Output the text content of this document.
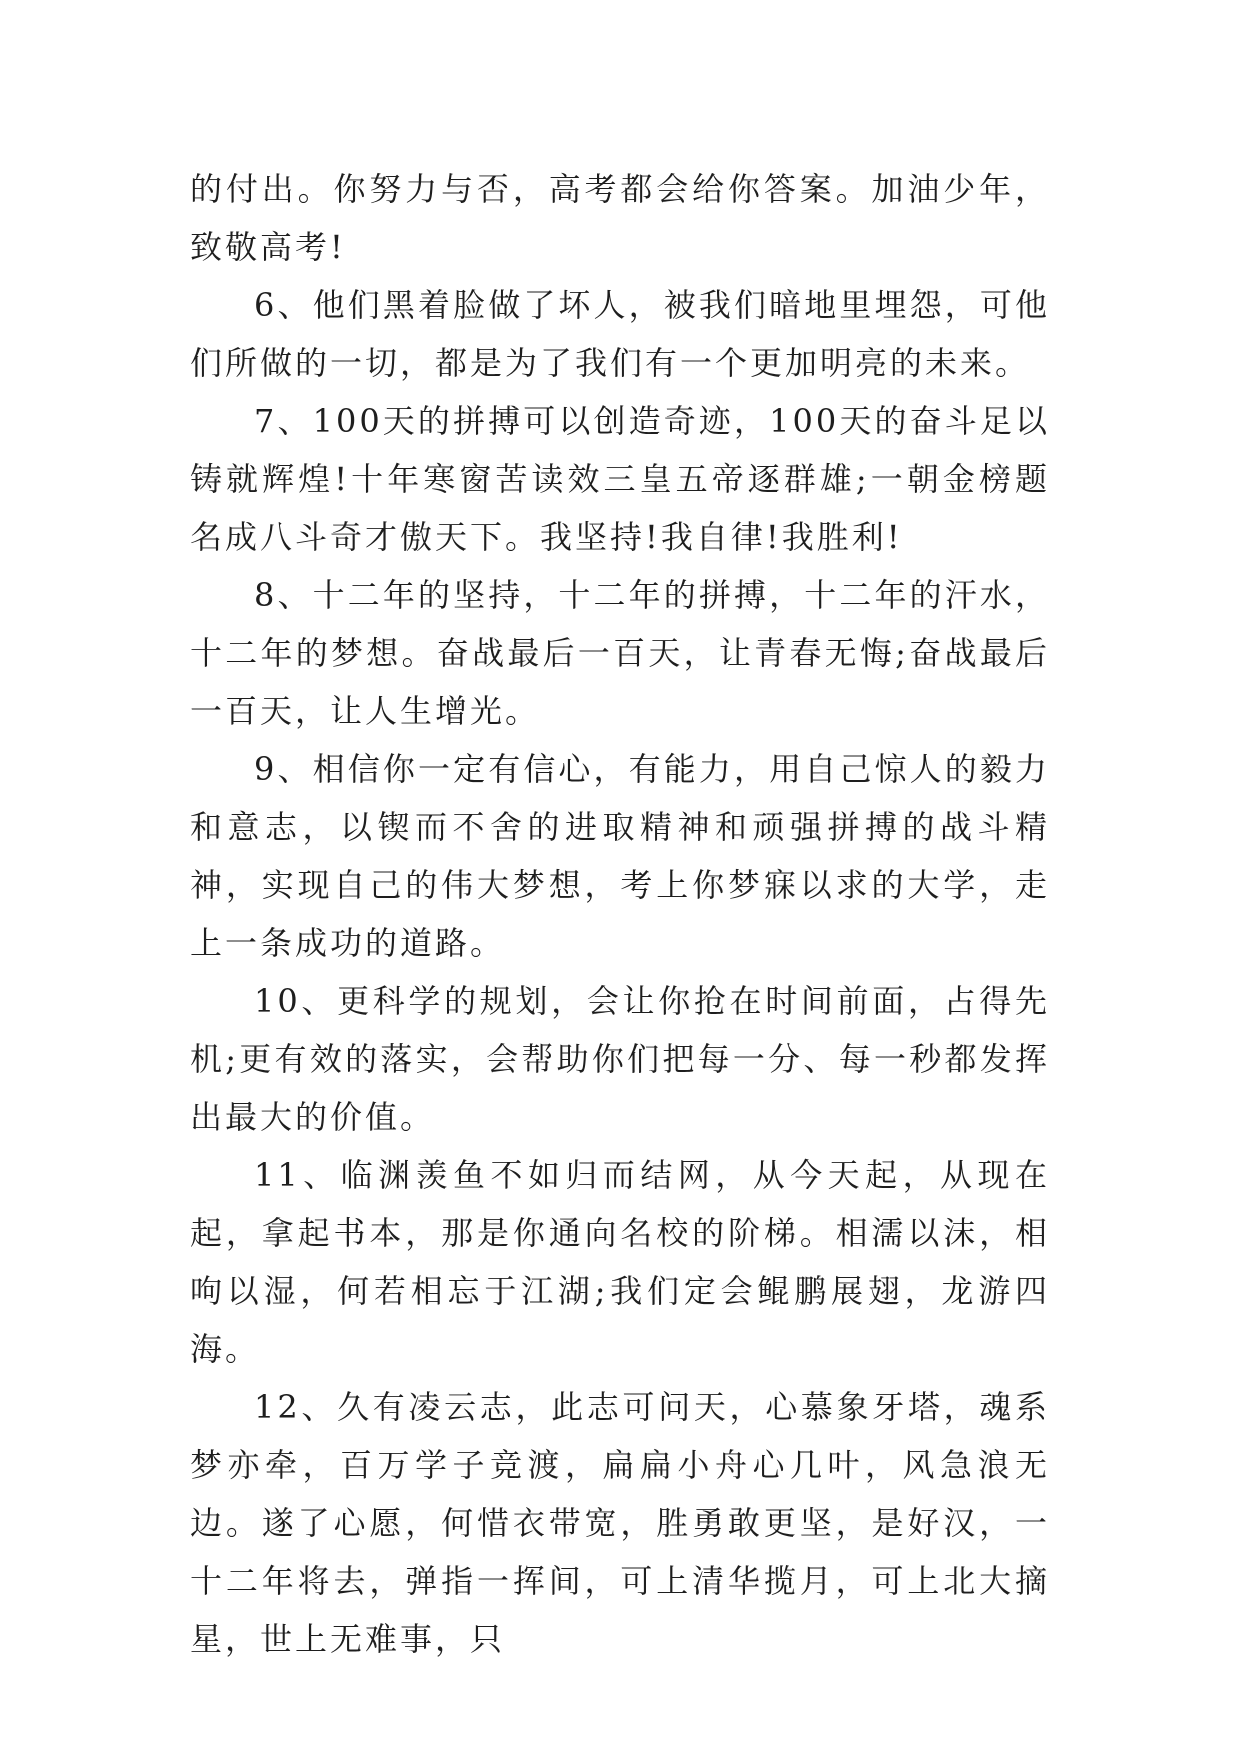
的付出。你努力与否，高考都会给你答案。加油少年，致敬高考!

6、他们黑着脸做了坏人，被我们暗地里埋怨，可他们所做的一切，都是为了我们有一个更加明亮的未来。

7、100天的拼搏可以创造奇迹，100天的奋斗足以铸就辉煌!十年寒窗苦读效三皇五帝逐群雄;一朝金榜题名成八斗奇才傲天下。我坚持!我自律!我胜利!

8、十二年的坚持，十二年的拼搏，十二年的汗水，十二年的梦想。奋战最后一百天，让青春无悔;奋战最后一百天，让人生增光。

9、相信你一定有信心，有能力，用自己惊人的毅力和意志，以锲而不舍的进取精神和顽强拼搏的战斗精神，实现自己的伟大梦想，考上你梦寐以求的大学，走上一条成功的道路。

10、更科学的规划，会让你抢在时间前面，占得先机;更有效的落实，会帮助你们把每一分、每一秒都发挥出最大的价值。

11、临渊羡鱼不如归而结网，从今天起，从现在起，拿起书本，那是你通向名校的阶梯。相濡以沫，相呴以湿，何若相忘于江湖;我们定会鲲鹏展翅，龙游四海。

12、久有凌云志，此志可问天，心慕象牙塔，魂系梦亦牵，百万学子竞渡，扁扁小舟心几叶，风急浪无边。遂了心愿，何惜衣带宽，胜勇敢更坚，是好汉，一十二年将去，弹指一挥间，可上清华揽月，可上北大摘星，世上无难事，只
